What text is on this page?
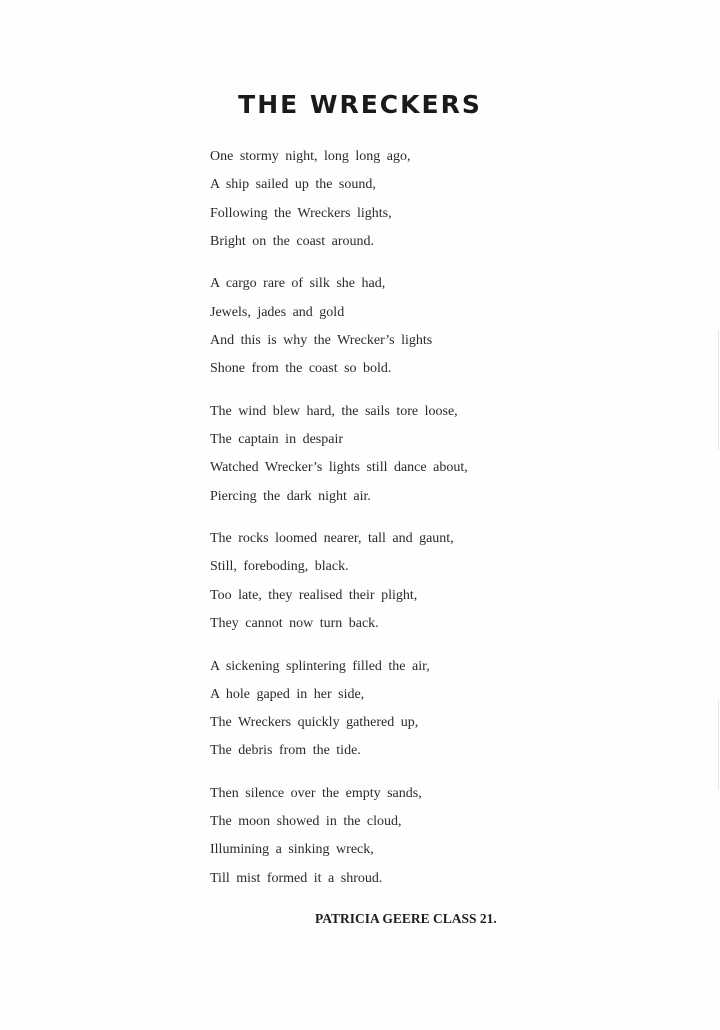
THE WRECKERS
One stormy night, long long ago,
A ship sailed up the sound,
Following the Wreckers lights,
Bright on the coast around.
A cargo rare of silk she had,
Jewels, jades and gold
And this is why the Wrecker’s lights
Shone from the coast so bold.
The wind blew hard, the sails tore loose,
The captain in despair
Watched Wrecker’s lights still dance about,
Piercing the dark night air.
The rocks loomed nearer, tall and gaunt,
Still, foreboding, black.
Too late, they realised their plight,
They cannot now turn back.
A sickening splintering filled the air,
A hole gaped in her side,
The Wreckers quickly gathered up,
The debris from the tide.
Then silence over the empty sands,
The moon showed in the cloud,
Illumining a sinking wreck,
Till mist formed it a shroud.

PATRICIA GEERE CLASS 21.
